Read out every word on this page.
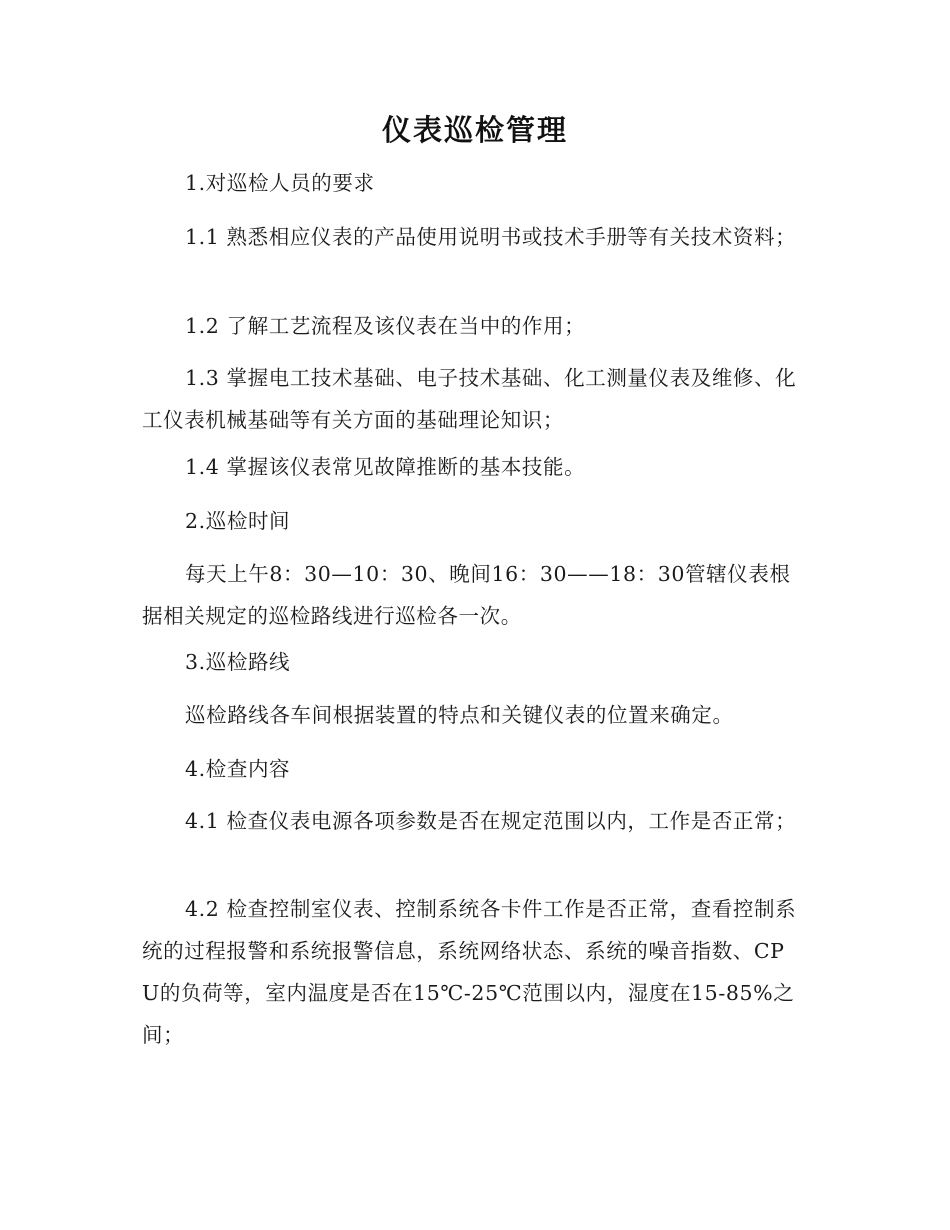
仪表巡检管理
1.对巡检人员的要求
1.1 熟悉相应仪表的产品使用说明书或技术手册等有关技术资料；
1.2 了解工艺流程及该仪表在当中的作用；
1.3 掌握电工技术基础、电子技术基础、化工测量仪表及维修、化工仪表机械基础等有关方面的基础理论知识；
1.4 掌握该仪表常见故障推断的基本技能。
2.巡检时间
每天上午8：30—10：30、晚间16：30——18：30管辖仪表根据相关规定的巡检路线进行巡检各一次。
3.巡检路线
巡检路线各车间根据装置的特点和关键仪表的位置来确定。
4.检查内容
4.1 检查仪表电源各项参数是否在规定范围以内，工作是否正常；
4.2 检查控制室仪表、控制系统各卡件工作是否正常，查看控制系统的过程报警和系统报警信息，系统网络状态、系统的噪音指数、CPU的负荷等，室内温度是否在15℃-25℃范围以内，湿度在15-85%之间；
